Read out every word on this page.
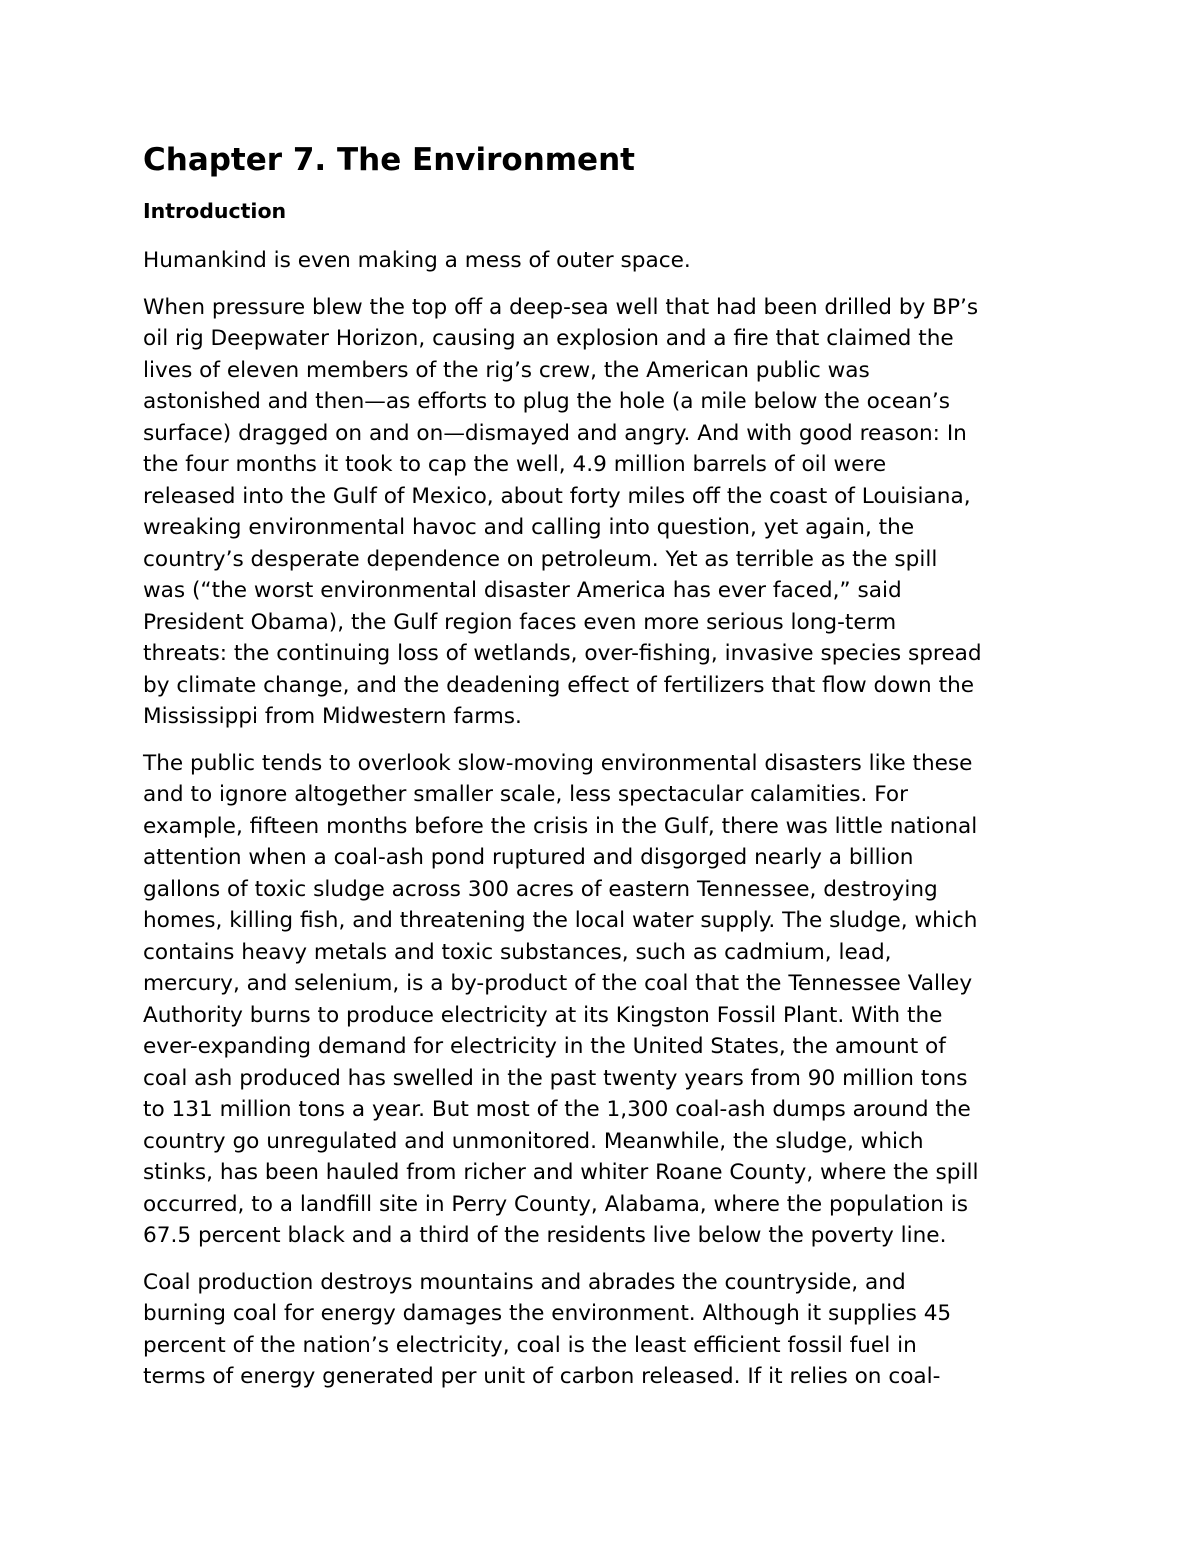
Chapter 7. The Environment
Introduction

Humankind is even making a mess of outer space.

When pressure blew the top off a deep-sea well that had been drilled by BP’s
oil rig Deepwater Horizon, causing an explosion and a fire that claimed the
lives of eleven members of the rig’s crew, the American public was
astonished and then—as efforts to plug the hole (a mile below the ocean’s
surface) dragged on and on—dismayed and angry. And with good reason: In
the four months it took to cap the well, 4.9 million barrels of oil were
released into the Gulf of Mexico, about forty miles off the coast of Louisiana,
wreaking environmental havoc and calling into question, yet again, the
country’s desperate dependence on petroleum. Yet as terrible as the spill
was (“the worst environmental disaster America has ever faced,” said
President Obama), the Gulf region faces even more serious long-term
threats: the continuing loss of wetlands, over-fishing, invasive species spread
by climate change, and the deadening effect of fertilizers that flow down the
Mississippi from Midwestern farms.

The public tends to overlook slow-moving environmental disasters like these
and to ignore altogether smaller scale, less spectacular calamities. For
example, fifteen months before the crisis in the Gulf, there was little national
attention when a coal-ash pond ruptured and disgorged nearly a billion
gallons of toxic sludge across 300 acres of eastern Tennessee, destroying
homes, killing fish, and threatening the local water supply. The sludge, which
contains heavy metals and toxic substances, such as cadmium, lead,
mercury, and selenium, is a by-product of the coal that the Tennessee Valley
Authority burns to produce electricity at its Kingston Fossil Plant. With the
ever-expanding demand for electricity in the United States, the amount of
coal ash produced has swelled in the past twenty years from 90 million tons
to 131 million tons a year. But most of the 1,300 coal-ash dumps around the
country go unregulated and unmonitored. Meanwhile, the sludge, which
stinks, has been hauled from richer and whiter Roane County, where the spill
occurred, to a landfill site in Perry County, Alabama, where the population is
67.5 percent black and a third of the residents live below the poverty line.

Coal production destroys mountains and abrades the countryside, and
burning coal for energy damages the environment. Although it supplies 45
percent of the nation’s electricity, coal is the least efficient fossil fuel in
terms of energy generated per unit of carbon released. If it relies on coal-
